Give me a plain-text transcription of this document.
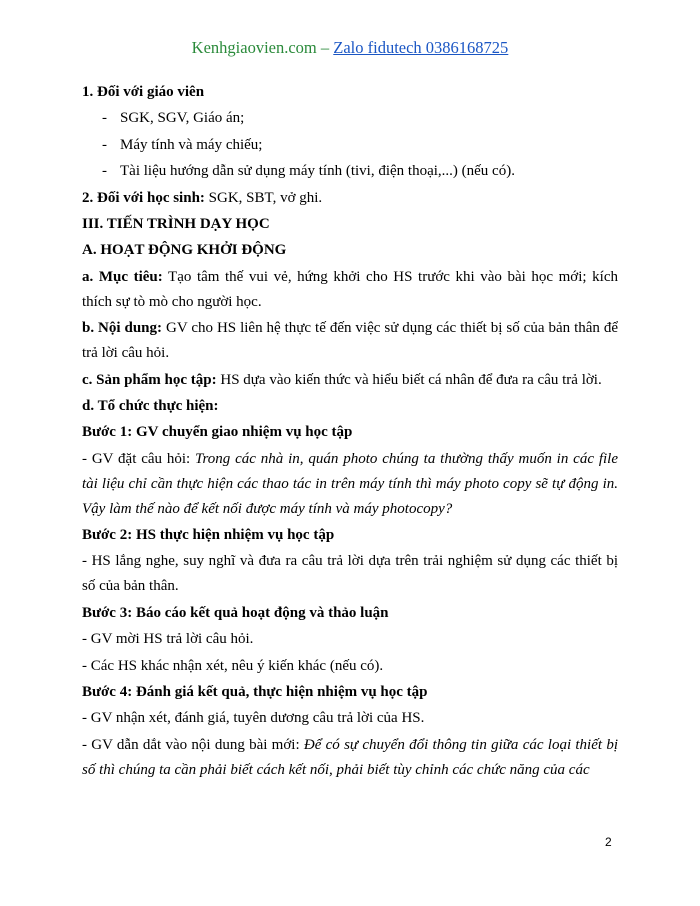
Kenhgiaovien.com – Zalo fidutech 0386168725

1. Đối với giáo viên

- SGK, SGV, Giáo án;
- Máy tính và máy chiếu;
- Tài liệu hướng dẫn sử dụng máy tính (tivi, điện thoại,...) (nếu có).

2. Đối với học sinh: SGK, SBT, vở ghi.

III. TIẾN TRÌNH DẠY HỌC

A. HOẠT ĐỘNG KHỞI ĐỘNG

a. Mục tiêu: Tạo tâm thế vui vẻ, hứng khởi cho HS trước khi vào bài học mới; kích thích sự tò mò cho người học.

b. Nội dung: GV cho HS liên hệ thực tế đến việc sử dụng các thiết bị số của bản thân để trả lời câu hỏi.

c. Sản phẩm học tập: HS dựa vào kiến thức và hiểu biết cá nhân để đưa ra câu trả lời.

d. Tổ chức thực hiện:

Bước 1: GV chuyển giao nhiệm vụ học tập

- GV đặt câu hỏi: Trong các nhà in, quán photo chúng ta thường thấy muốn in các file tài liệu chỉ cần thực hiện các thao tác in trên máy tính thì máy photo copy sẽ tự động in. Vậy làm thế nào để kết nối được máy tính và máy photocopy?

Bước 2: HS thực hiện nhiệm vụ học tập

- HS lắng nghe, suy nghĩ và đưa ra câu trả lời dựa trên trải nghiệm sử dụng các thiết bị số của bản thân.

Bước 3: Báo cáo kết quả hoạt động và thảo luận

- GV mời HS trả lời câu hỏi.

- Các HS khác nhận xét, nêu ý kiến khác (nếu có).

Bước 4: Đánh giá kết quả, thực hiện nhiệm vụ học tập

- GV nhận xét, đánh giá, tuyên dương câu trả lời của HS.

- GV dẫn dắt vào nội dung bài mới: Để có sự chuyển đổi thông tin giữa các loại thiết bị số thì chúng ta cần phải biết cách kết nối, phải biết tùy chỉnh các chức năng của các

2
